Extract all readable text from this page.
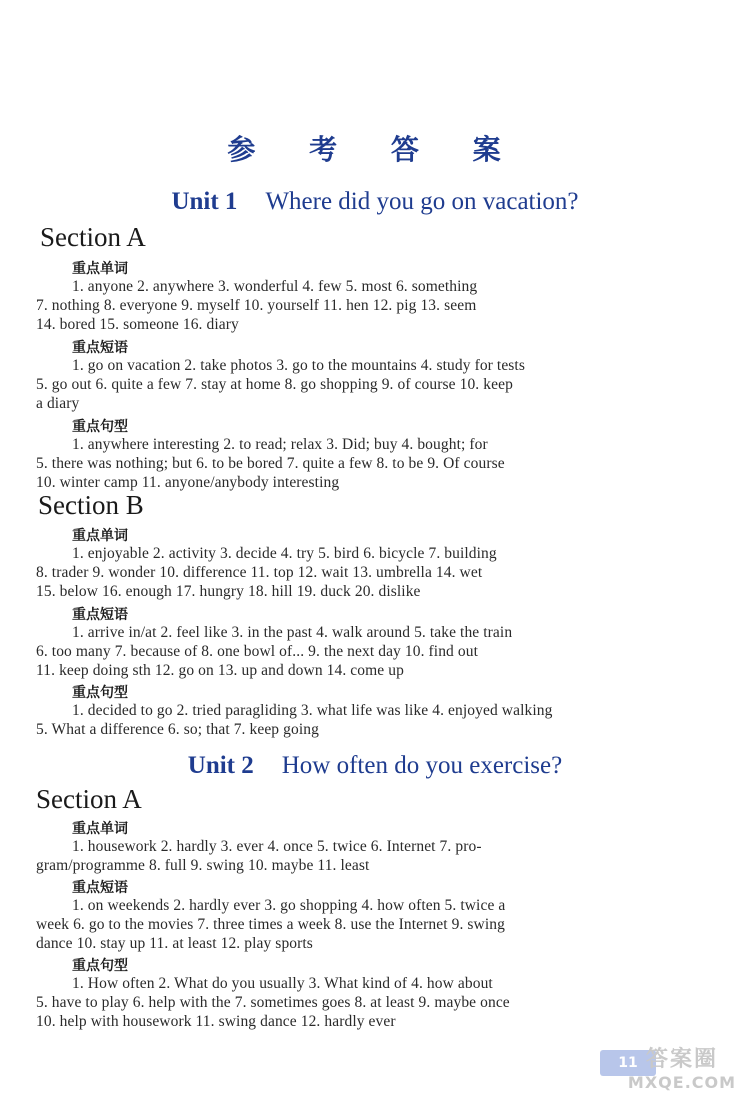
参 考 答 案
Unit 1 Where did you go on vacation?
Section A
重点单词
1. anyone 2. anywhere 3. wonderful 4. few 5. most 6. something
7. nothing 8. everyone 9. myself 10. yourself 11. hen 12. pig 13. seem
14. bored 15. someone 16. diary
重点短语
1. go on vacation 2. take photos 3. go to the mountains 4. study for tests
5. go out 6. quite a few 7. stay at home 8. go shopping 9. of course 10. keep
a diary
重点句型
1. anywhere interesting 2. to read; relax 3. Did; buy 4. bought; for
5. there was nothing; but 6. to be bored 7. quite a few 8. to be 9. Of course
10. winter camp 11. anyone/anybody interesting
Section B
重点单词
1. enjoyable 2. activity 3. decide 4. try 5. bird 6. bicycle 7. building
8. trader 9. wonder 10. difference 11. top 12. wait 13. umbrella 14. wet
15. below 16. enough 17. hungry 18. hill 19. duck 20. dislike
重点短语
1. arrive in/at 2. feel like 3. in the past 4. walk around 5. take the train
6. too many 7. because of 8. one bowl of... 9. the next day 10. find out
11. keep doing sth 12. go on 13. up and down 14. come up
重点句型
1. decided to go 2. tried paragliding 3. what life was like 4. enjoyed walking
5. What a difference 6. so; that 7. keep going
Unit 2 How often do you exercise?
Section A
重点单词
1. housework 2. hardly 3. ever 4. once 5. twice 6. Internet 7. pro-
gram/programme 8. full 9. swing 10. maybe 11. least
重点短语
1. on weekends 2. hardly ever 3. go shopping 4. how often 5. twice a
week 6. go to the movies 7. three times a week 8. use the Internet 9. swing
dance 10. stay up 11. at least 12. play sports
重点句型
1. How often 2. What do you usually 3. What kind of 4. how about
5. have to play 6. help with the 7. sometimes goes 8. at least 9. maybe once
10. help with housework 11. swing dance 12. hardly ever
11 答案圈
MXQE.COM
